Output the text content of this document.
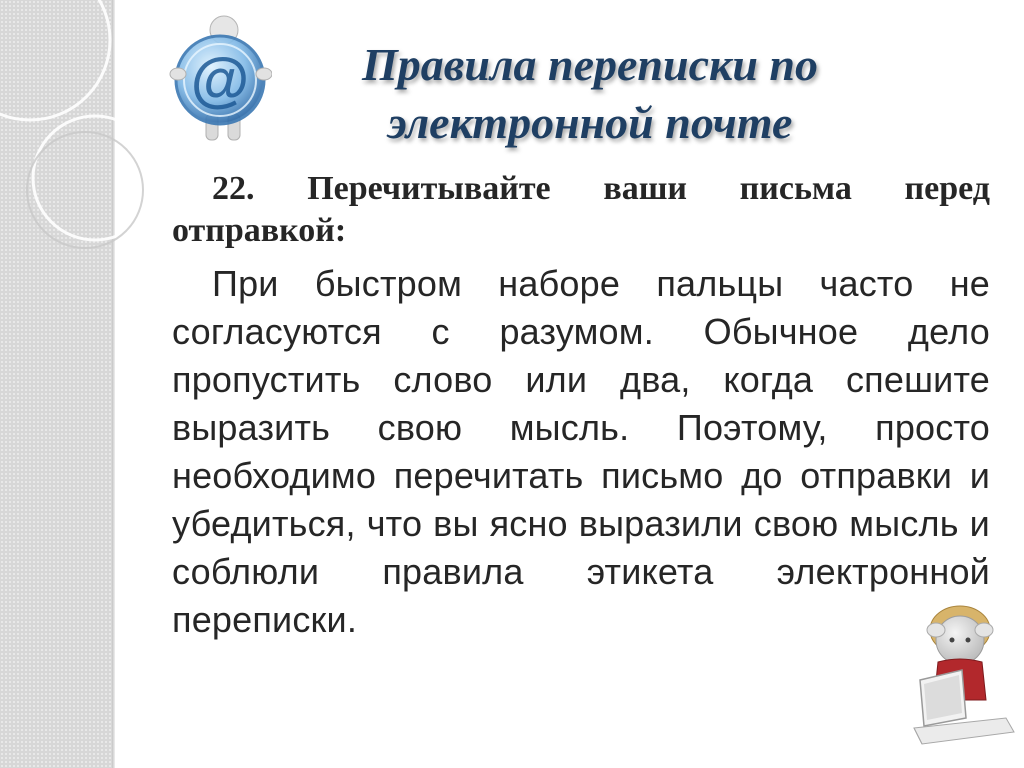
@	Правила переписки по
электронной почте

22. Перечитывайте ваши письма перед отправкой:

При быстром наборе пальцы часто не согласуются с разумом. Обычное дело пропустить слово или два, когда спешите выразить свою мысль. Поэтому, просто необходимо перечитать письмо до отправки и убедиться, что вы ясно выразили свою мысль и соблюли правила этикета электронной переписки.
